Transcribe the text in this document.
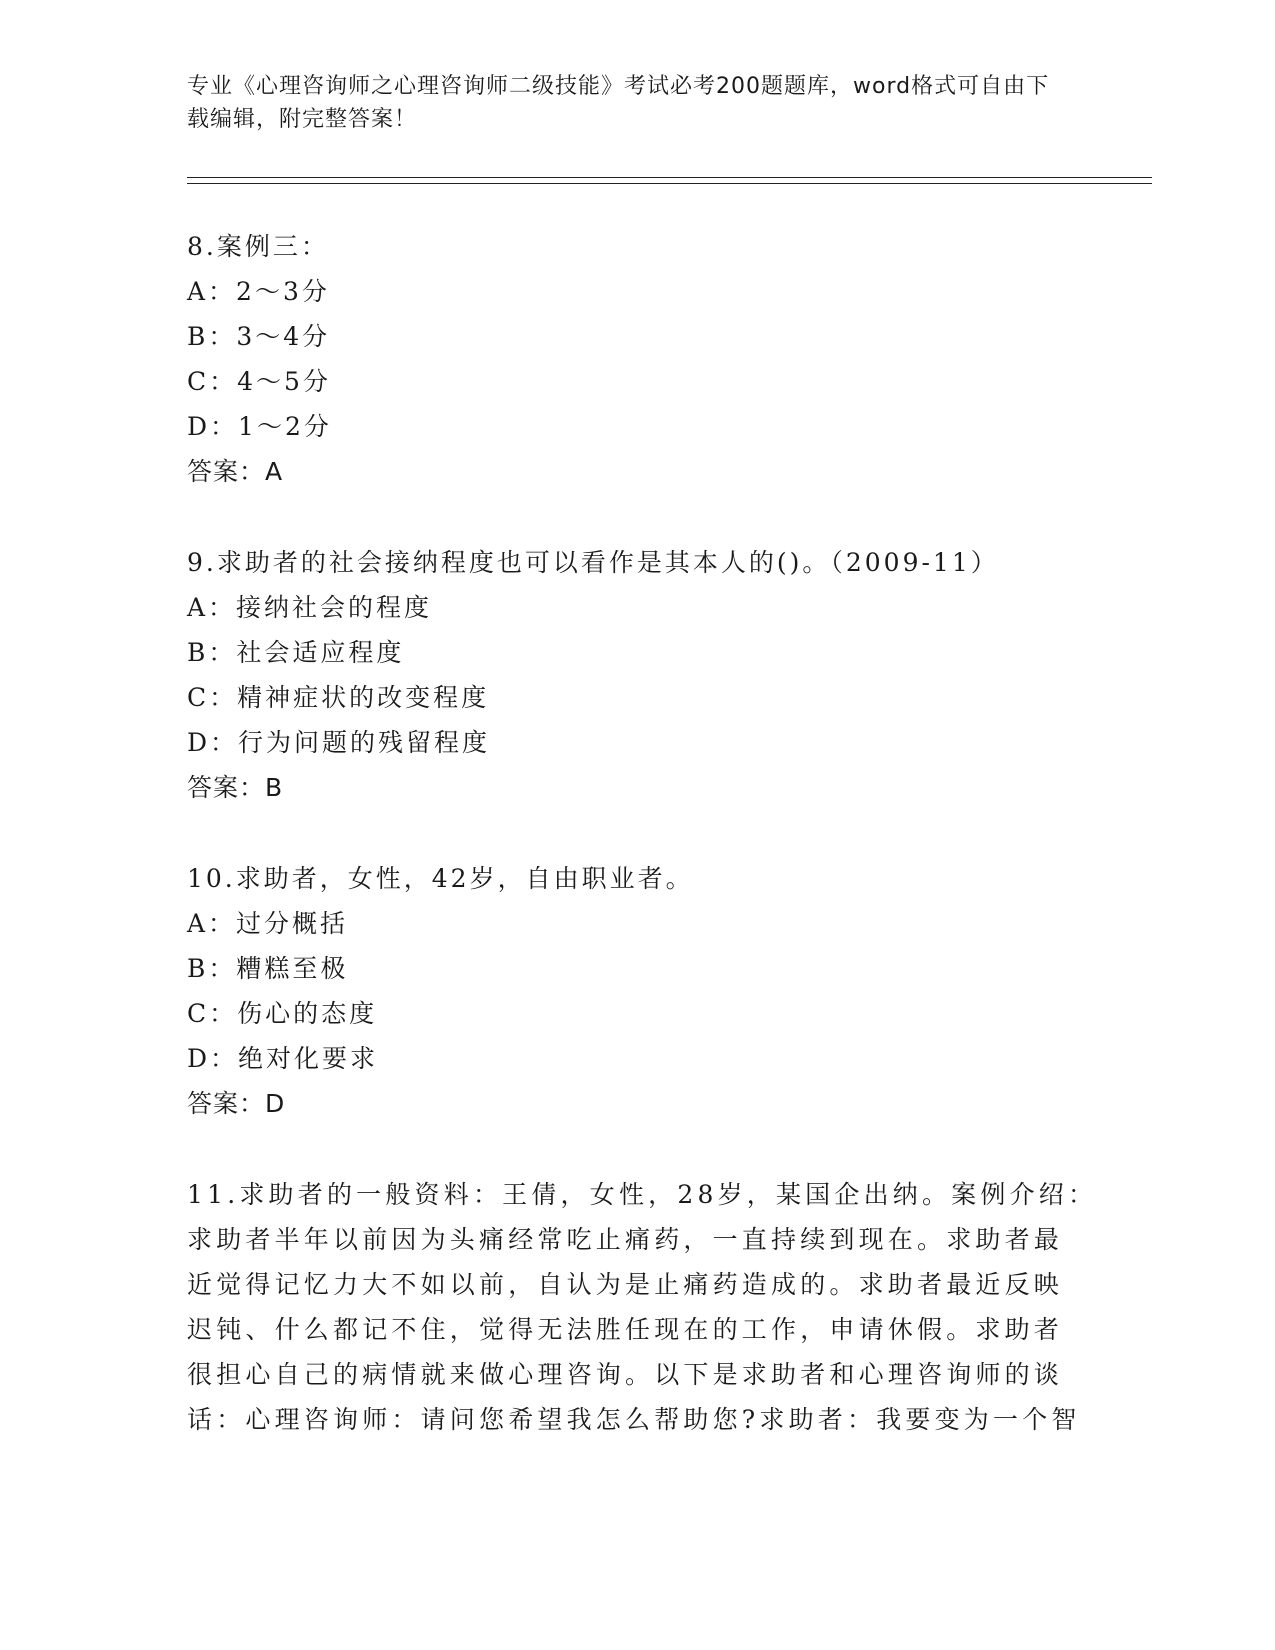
专业《心理咨询师之心理咨询师二级技能》考试必考200题题库，word格式可自由下载编辑，附完整答案！
8.案例三：
A：2～3分
B：3～4分
C：4～5分
D：1～2分
答案：A
9.求助者的社会接纳程度也可以看作是其本人的()。（2009-11）
A：接纳社会的程度
B：社会适应程度
C：精神症状的改变程度
D：行为问题的残留程度
答案：B
10.求助者，女性，42岁，自由职业者。
A：过分概括
B：糟糕至极
C：伤心的态度
D：绝对化要求
答案：D
11.求助者的一般资料：王倩，女性，28岁，某国企出纳。案例介绍：
求助者半年以前因为头痛经常吃止痛药，一直持续到现在。求助者最
近觉得记忆力大不如以前，自认为是止痛药造成的。求助者最近反映
迟钝、什么都记不住，觉得无法胜任现在的工作，申请休假。求助者
很担心自己的病情就来做心理咨询。以下是求助者和心理咨询师的谈
话：心理咨询师：请问您希望我怎么帮助您?求助者：我要变为一个智
